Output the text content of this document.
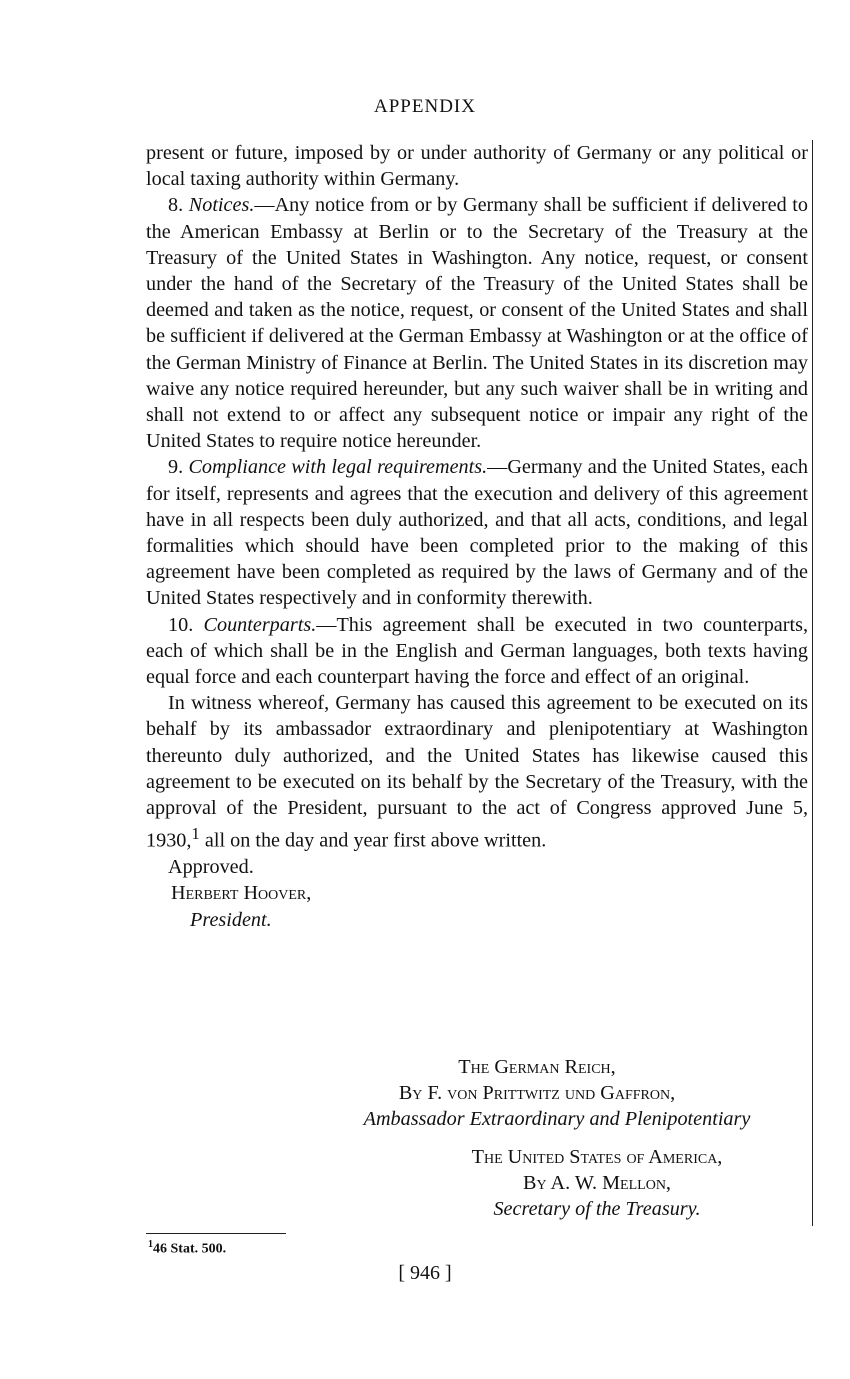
APPENDIX

present or future, imposed by or under authority of Germany or any political or local taxing authority within Germany.

8. Notices.—Any notice from or by Germany shall be sufficient if delivered to the American Embassy at Berlin or to the Secretary of the Treasury at the Treasury of the United States in Washington. Any notice, request, or consent under the hand of the Secretary of the Treasury of the United States shall be deemed and taken as the notice, request, or consent of the United States and shall be sufficient if delivered at the German Embassy at Washington or at the office of the German Ministry of Finance at Berlin. The United States in its discretion may waive any notice required hereunder, but any such waiver shall be in writing and shall not extend to or affect any subsequent notice or impair any right of the United States to require notice hereunder.

9. Compliance with legal requirements.—Germany and the United States, each for itself, represents and agrees that the execution and delivery of this agreement have in all respects been duly authorized, and that all acts, conditions, and legal formalities which should have been completed prior to the making of this agreement have been completed as required by the laws of Germany and of the United States respectively and in conformity therewith.

10. Counterparts.—This agreement shall be executed in two counterparts, each of which shall be in the English and German languages, both texts having equal force and each counterpart having the force and effect of an original.

In witness whereof, Germany has caused this agreement to be executed on its behalf by its ambassador extraordinary and plenipotentiary at Washington thereunto duly authorized, and the United States has likewise caused this agreement to be executed on its behalf by the Secretary of the Treasury, with the approval of the President, pursuant to the act of Congress approved June 5, 1930,$^1$ all on the day and year first above written.

Approved.

Herbert Hoover,
President.
The German Reich,
By F. von Prittwitz und Gaffron,
Ambassador Extraordinary and Plenipotentiary
The United States of America,
By A. W. Mellon,
Secretary of the Treasury.
$^1$46 Stat. 500.
[ 946 ]
